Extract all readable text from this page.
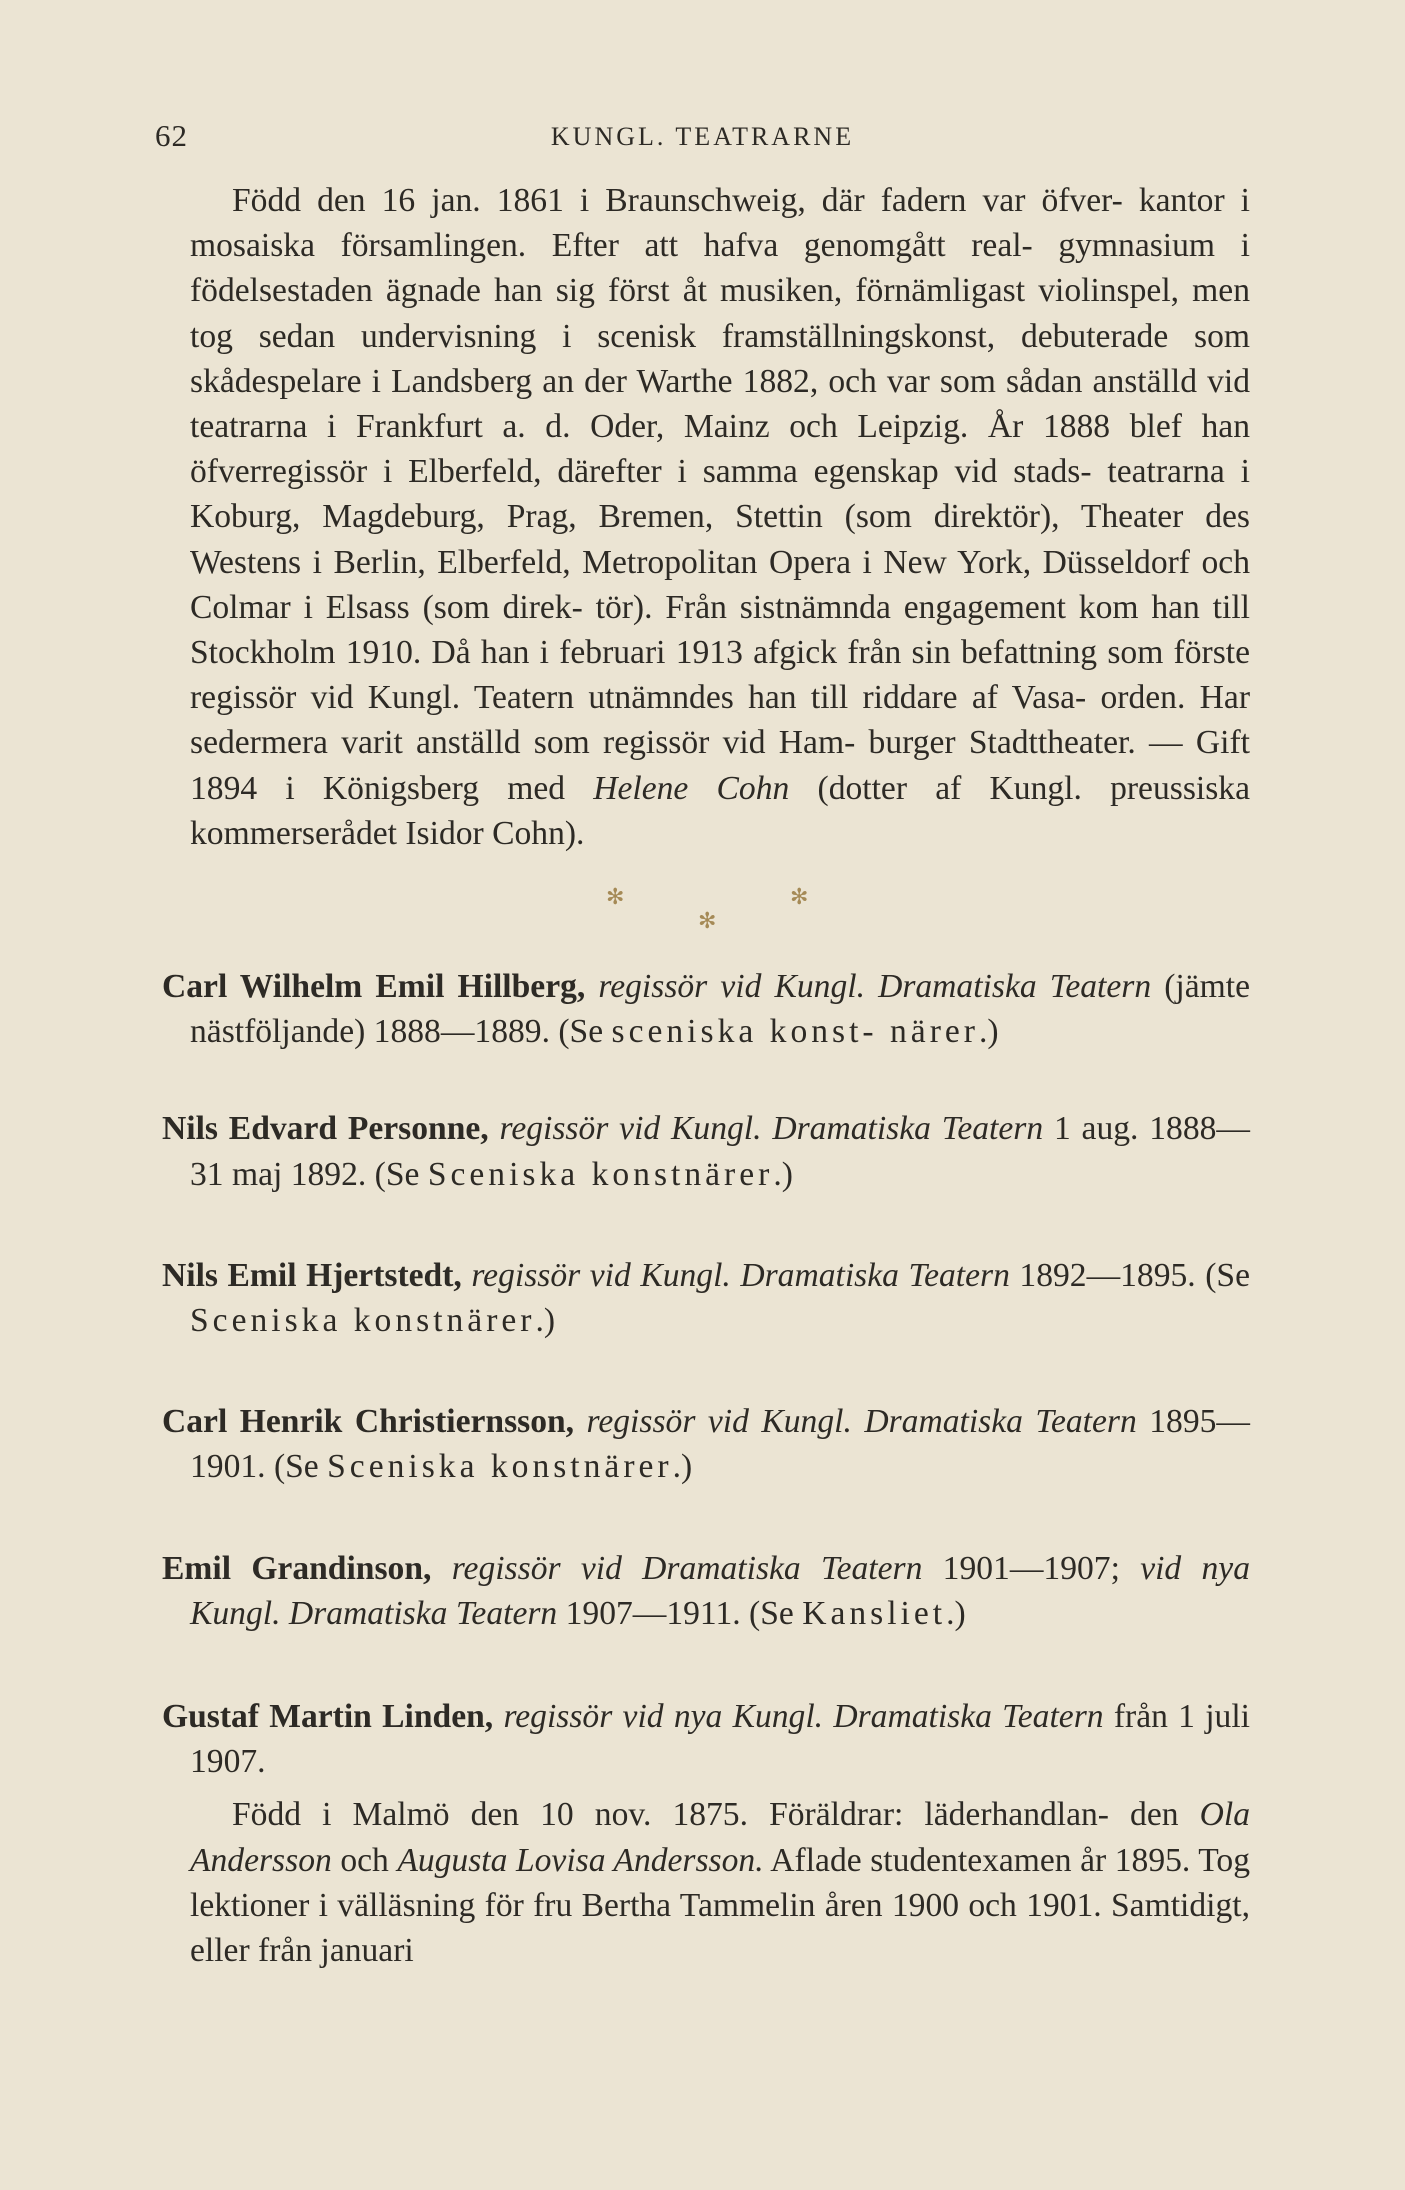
62	KUNGL. TEATRARNE

Född den 16 jan. 1861 i Braunschweig, där fadern var öfver- kantor i mosaiska församlingen. Efter att hafva genomgått real- gymnasium i födelsestaden ägnade han sig först åt musiken, förnämligast violinspel, men tog sedan undervisning i scenisk framställningskonst, debuterade som skådespelare i Landsberg an der Warthe 1882, och var som sådan anställd vid teatrarna i Frankfurt a. d. Oder, Mainz och Leipzig. År 1888 blef han öfverregissör i Elberfeld, därefter i samma egenskap vid stads- teatrarna i Koburg, Magdeburg, Prag, Bremen, Stettin (som direktör), Theater des Westens i Berlin, Elberfeld, Metropolitan Opera i New York, Düsseldorf och Colmar i Elsass (som direk- tör). Från sistnämnda engagement kom han till Stockholm 1910. Då han i februari 1913 afgick från sin befattning som förste regissör vid Kungl. Teatern utnämndes han till riddare af Vasa- orden. Har sedermera varit anställd som regissör vid Ham- burger Stadttheater. — Gift 1894 i Königsberg med Helene Cohn (dotter af Kungl. preussiska kommerserådet Isidor Cohn).

✻	✻
✻
Carl Wilhelm Emil Hillberg, regissör vid Kungl. Dramatiska Teatern (jämte nästföljande) 1888—1889. (Se sceniska konst- närer.)
Nils Edvard Personne, regissör vid Kungl. Dramatiska Teatern 1 aug. 1888—31 maj 1892. (Se Sceniska konstnärer.)
Nils Emil Hjertstedt, regissör vid Kungl. Dramatiska Teatern 1892—1895. (Se Sceniska konstnärer.)
Carl Henrik Christiernsson, regissör vid Kungl. Dramatiska Teatern 1895—1901. (Se Sceniska konstnärer.)
Emil Grandinson, regissör vid Dramatiska Teatern 1901—1907; vid nya Kungl. Dramatiska Teatern 1907—1911. (Se Kansliet.)
Gustaf Martin Linden, regissör vid nya Kungl. Dramatiska Teatern från 1 juli 1907.

Född i Malmö den 10 nov. 1875. Föräldrar: läderhandlan- den Ola Andersson och Augusta Lovisa Andersson. Aflade studentexamen år 1895. Tog lektioner i välläsning för fru Bertha Tammelin åren 1900 och 1901. Samtidigt, eller från januari
